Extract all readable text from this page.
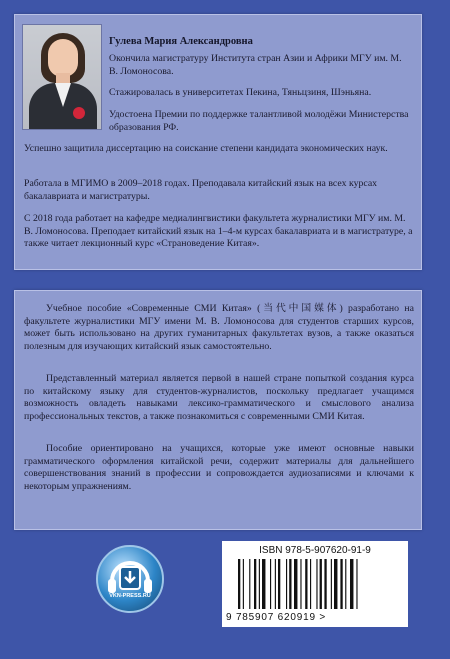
Гулева Мария Александровна

Окончила магистратуру Института стран Азии и Африки МГУ им. М. В. Ломоносова.

Стажировалась в университетах Пекина, Тяньцзиня, Шэньяна.

Удостоена Премии по поддержке талантливой молодёжи Министерства образования РФ.

Успешно защитила диссертацию на соискание степени кандидата экономических наук.

Работала в МГИМО в 2009–2018 годах. Преподавала китайский язык на всех курсах бакалавриата и магистратуры.

С 2018 года работает на кафедре медиалингвистики факультета журналистики МГУ им. М. В. Ломоносова. Преподает китайский язык на 1–4-м курсах бакалавриата и в магистратуре, а также читает лекционный курс «Страноведение Китая».

Учебное пособие «Современные СМИ Китая» (当代中国媒体) разработано на факультете журналистики МГУ имени М. В. Ломоносова для студентов старших курсов, может быть использовано на других гуманитарных факультетах вузов, а также оказаться полезным для изучающих китайский язык самостоятельно.

Представленный материал является первой в нашей стране попыткой создания курса по китайскому языку для студентов-журналистов, поскольку предлагает учащимся возможность овладеть навыками лексико-грамматического и смыслового анализа профессиональных текстов, а также познакомиться с современными СМИ Китая.

Пособие ориентировано на учащихся, которые уже имеют основные навыки грамматического оформления китайской речи, содержит материалы для дальнейшего совершенствования знаний в профессии и сопровождается аудиозаписями и ключами к некоторым упражнениям.

VKN-PRESS.RU
ISBN 978-5-907620-91-9
9 785907 620919 >
